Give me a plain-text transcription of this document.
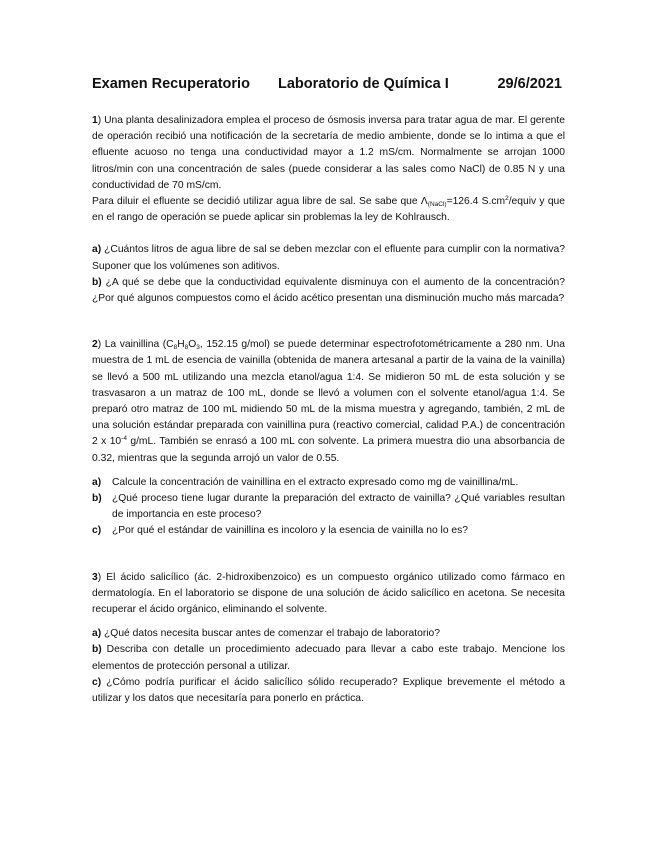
Examen Recuperatorio Laboratorio de Química I	29/6/2021

1) Una planta desalinizadora emplea el proceso de ósmosis inversa para tratar agua de mar. El gerente de operación recibió una notificación de la secretaría de medio ambiente, donde se lo intima a que el efluente acuoso no tenga una conductividad mayor a 1.2 mS/cm. Normalmente se arrojan 1000 litros/min con una concentración de sales (puede considerar a las sales como NaCl) de 0.85 N y una conductividad de 70 mS/cm.

Para diluir el efluente se decidió utilizar agua libre de sal. Se sabe que $\Lambda_{(NaCl)}=126.4$ $S.cm^2$/equiv y que en el rango de operación se puede aplicar sin problemas la ley de Kohlrausch.

a) ¿Cuántos litros de agua libre de sal se deben mezclar con el efluente para cumplir con la normativa? Suponer que los volúmenes son aditivos.

b) ¿A qué se debe que la conductividad equivalente disminuya con el aumento de la concentración? ¿Por qué algunos compuestos como el ácido acético presentan una disminución mucho más marcada?

2) La vainillina ($C_8H_8O_3$, 152.15 g/mol) se puede determinar espectrofotométricamente a 280 nm. Una muestra de 1 mL de esencia de vainilla (obtenida de manera artesanal a partir de la vaina de la vainilla) se llevó a 500 mL utilizando una mezcla etanol/agua 1:4. Se midieron 50 mL de esta solución y se trasvasaron a un matraz de 100 mL, donde se llevó a volumen con el solvente etanol/agua 1:4. Se preparó otro matraz de 100 mL midiendo 50 mL de la misma muestra y agregando, también, 2 mL de una solución estándar preparada con vainillina pura (reactivo comercial, calidad P.A.) de concentración 2 x $10^{-4}$ g/mL. También se enrasó a 100 mL con solvente. La primera muestra dio una absorbancia de 0.32, mientras que la segunda arrojó un valor de 0.55.

a) Calcule la concentración de vainillina en el extracto expresado como mg de vainillina/mL.
b) ¿Qué proceso tiene lugar durante la preparación del extracto de vainilla? ¿Qué variables resultan de importancia en este proceso?
c) ¿Por qué el estándar de vainillina es incoloro y la esencia de vainilla no lo es?

3) El ácido salicílico (ác. 2-hidroxibenzoico) es un compuesto orgánico utilizado como fármaco en dermatología. En el laboratorio se dispone de una solución de ácido salicílico en acetona. Se necesita recuperar el ácido orgánico, eliminando el solvente.

a) ¿Qué datos necesita buscar antes de comenzar el trabajo de laboratorio?

b) Describa con detalle un procedimiento adecuado para llevar a cabo este trabajo. Mencione los elementos de protección personal a utilizar.

c) ¿Cómo podría purificar el ácido salicílico sólido recuperado? Explique brevemente el método a utilizar y los datos que necesitaría para ponerlo en práctica.
